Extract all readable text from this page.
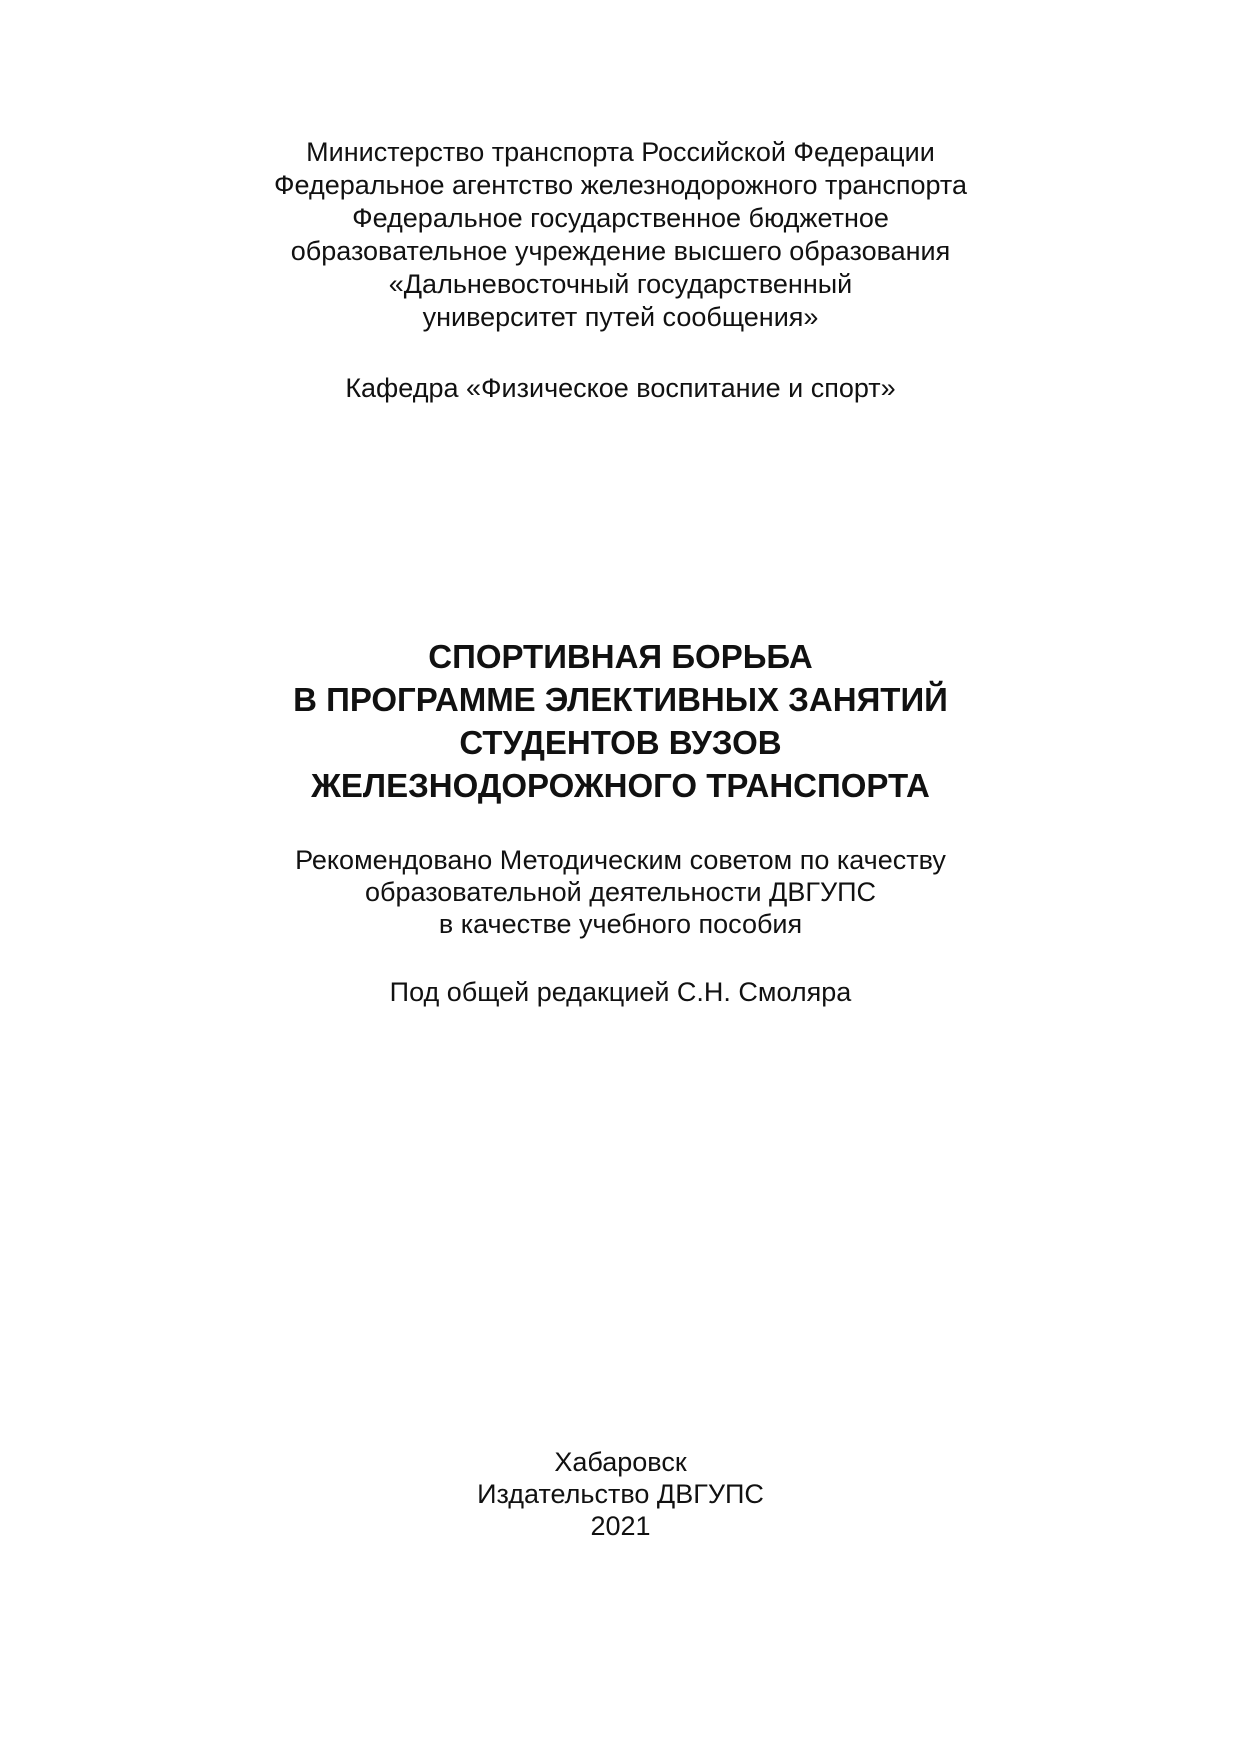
Министерство транспорта Российской Федерации
Федеральное агентство железнодорожного транспорта
Федеральное государственное бюджетное
образовательное учреждение высшего образования
«Дальневосточный государственный
университет путей сообщения»
Кафедра «Физическое воспитание и спорт»
СПОРТИВНАЯ БОРЬБА
В ПРОГРАММЕ ЭЛЕКТИВНЫХ ЗАНЯТИЙ
СТУДЕНТОВ ВУЗОВ
ЖЕЛЕЗНОДОРОЖНОГО ТРАНСПОРТА
Рекомендовано Методическим советом по качеству
образовательной деятельности ДВГУПС
в качестве учебного пособия
Под общей редакцией С.Н. Смоляра
Хабаровск
Издательство ДВГУПС
2021
